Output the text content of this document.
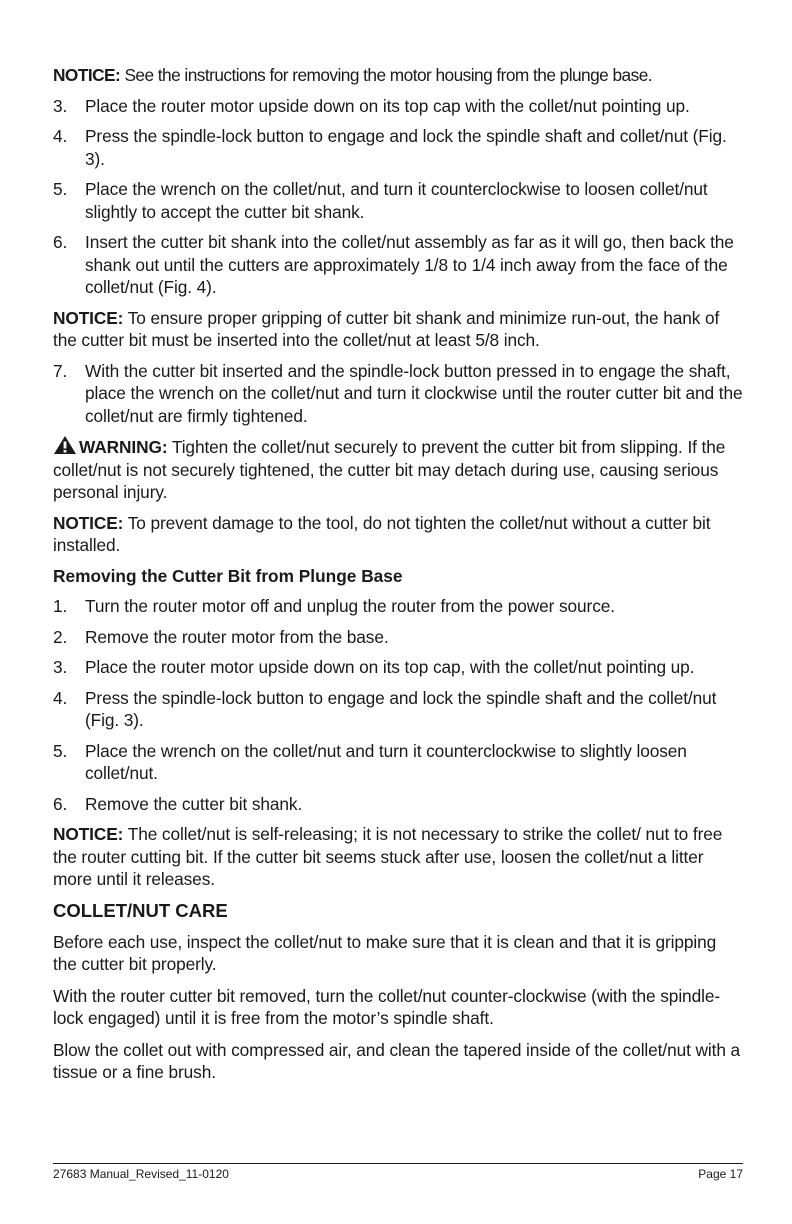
NOTICE: See the instructions for removing the motor housing from the plunge base.

3. Place the router motor upside down on its top cap with the collet/nut pointing up.
4. Press the spindle-lock button to engage and lock the spindle shaft and collet/nut (Fig. 3).
5. Place the wrench on the collet/nut, and turn it counterclockwise to loosen collet/nut slightly to accept the cutter bit shank.
6. Insert the cutter bit shank into the collet/nut assembly as far as it will go, then back the shank out until the cutters are approximately 1/8 to 1/4 inch away from the face of the collet/nut (Fig. 4).

NOTICE: To ensure proper gripping of cutter bit shank and minimize run-out, the hank of the cutter bit must be inserted into the collet/nut at least 5/8 inch.

7. With the cutter bit inserted and the spindle-lock button pressed in to engage the shaft, place the wrench on the collet/nut and turn it clockwise until the router cutter bit and the collet/nut are firmly tightened.

WARNING: Tighten the collet/nut securely to prevent the cutter bit from slipping. If the collet/nut is not securely tightened, the cutter bit may detach during use, causing serious personal injury.

NOTICE: To prevent damage to the tool, do not tighten the collet/nut without a cutter bit installed.

Removing the Cutter Bit from Plunge Base
1. Turn the router motor off and unplug the router from the power source.
2. Remove the router motor from the base.
3. Place the router motor upside down on its top cap, with the collet/nut pointing up.
4. Press the spindle-lock button to engage and lock the spindle shaft and the collet/nut (Fig. 3).
5. Place the wrench on the collet/nut and turn it counterclockwise to slightly loosen collet/nut.
6. Remove the cutter bit shank.

NOTICE: The collet/nut is self-releasing; it is not necessary to strike the collet/ nut to free the router cutting bit. If the cutter bit seems stuck after use, loosen the collet/nut a litter more until it releases.

COLLET/NUT CARE

Before each use, inspect the collet/nut to make sure that it is clean and that it is gripping the cutter bit properly.

With the router cutter bit removed, turn the collet/nut counter-clockwise (with the spindle-lock engaged) until it is free from the motor’s spindle shaft.

Blow the collet out with compressed air, and clean the tapered inside of the collet/nut with a tissue or a fine brush.

27683 Manual_Revised_11-0120	Page 17
